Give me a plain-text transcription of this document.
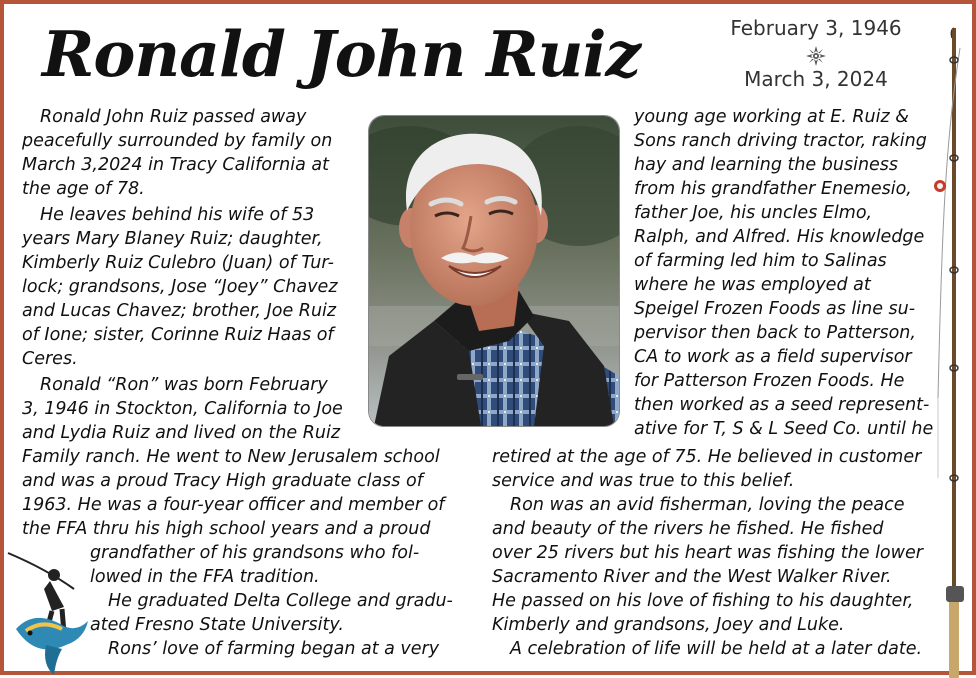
Ronald John Ruiz	February 3, 1946
March 3, 2024
Ronald John Ruiz passed away
peacefully surrounded by family on
March 3,2024 in Tracy California at
the age of 78.
He leaves behind his wife of 53
years Mary Blaney Ruiz; daughter,
Kimberly Ruiz Culebro (Juan) of Tur-
lock; grandsons, Jose “Joey” Chavez
and Lucas Chavez; brother, Joe Ruiz
of Ione; sister, Corinne Ruiz Haas of
Ceres.
Ronald “Ron” was born February
3, 1946 in Stockton, California to Joe
and Lydia Ruiz and lived on the Ruiz
Family ranch. He went to New Jerusalem school
and was a proud Tracy High graduate class of
1963. He was a four-year officer and member of
the FFA thru his high school years and a proud
grandfather of his grandsons who fol-
lowed in the FFA tradition.
He graduated Delta College and gradu-
ated Fresno State University.
Rons’ love of farming began at a very
young age working at E. Ruiz &
Sons ranch driving tractor, raking
hay and learning the business
from his grandfather Enemesio,
father Joe, his uncles Elmo,
Ralph, and Alfred. His knowledge
of farming led him to Salinas
where he was employed at
Speigel Frozen Foods as line su-
pervisor then back to Patterson,
CA to work as a field supervisor
for Patterson Frozen Foods. He
then worked as a seed represent-
ative for T, S & L Seed Co. until he
retired at the age of 75. He believed in customer
service and was true to this belief.
Ron was an avid fisherman, loving the peace
and beauty of the rivers he fished. He fished
over 25 rivers but his heart was fishing the lower
Sacramento River and the West Walker River.
He passed on his love of fishing to his daughter,
Kimberly and grandsons, Joey and Luke.
A celebration of life will be held at a later date.
